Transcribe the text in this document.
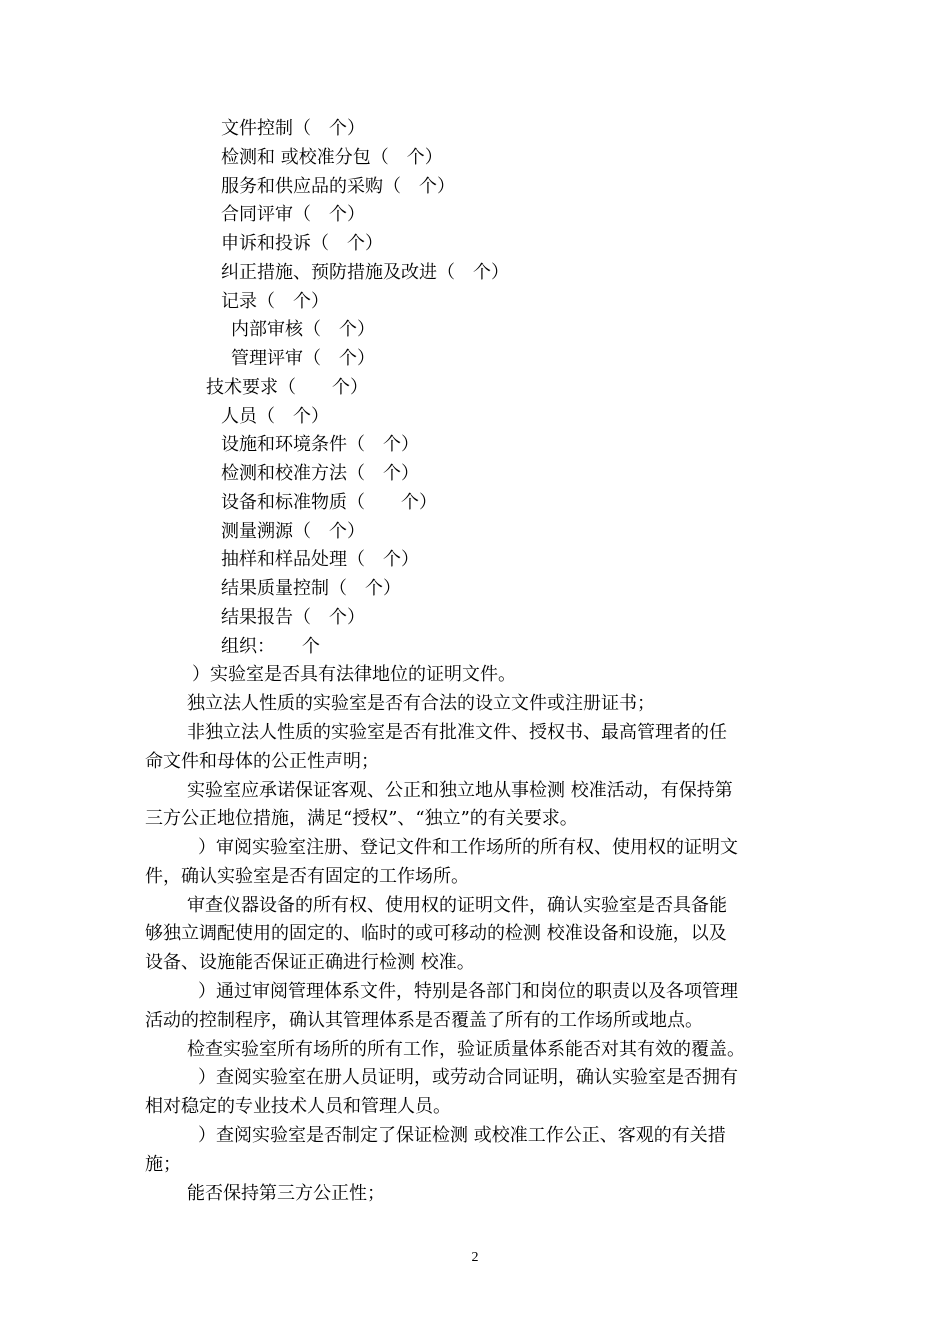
文件控制（　个）
检测和 或校准分包（　个）
服务和供应品的采购（　个）
合同评审（　个）
申诉和投诉（　个）
纠正措施、预防措施及改进（　个）
记录（　个）
内部审核（　个）
管理评审（　个）
技术要求（　　个）
人员（　个）
设施和环境条件（　个）
检测和校准方法（　个）
设备和标准物质（　　个）
测量溯源（　个）
抽样和样品处理（　个）
结果质量控制（　个）
结果报告（　个）
组织：　　个
）实验室是否具有法律地位的证明文件。
独立法人性质的实验室是否有合法的设立文件或注册证书；
非独立法人性质的实验室是否有批准文件、授权书、最高管理者的任
命文件和母体的公正性声明；
实验室应承诺保证客观、公正和独立地从事检测 校准活动，有保持第
三方公正地位措施，满足“授权”、“独立”的有关要求。
）审阅实验室注册、登记文件和工作场所的所有权、使用权的证明文
件，确认实验室是否有固定的工作场所。
审查仪器设备的所有权、使用权的证明文件，确认实验室是否具备能
够独立调配使用的固定的、临时的或可移动的检测 校准设备和设施，以及
设备、设施能否保证正确进行检测 校准。
）通过审阅管理体系文件，特别是各部门和岗位的职责以及各项管理
活动的控制程序，确认其管理体系是否覆盖了所有的工作场所或地点。
检查实验室所有场所的所有工作，验证质量体系能否对其有效的覆盖。
）查阅实验室在册人员证明，或劳动合同证明，确认实验室是否拥有
相对稳定的专业技术人员和管理人员。
）查阅实验室是否制定了保证检测 或校准工作公正、客观的有关措
施；
能否保持第三方公正性；
2
